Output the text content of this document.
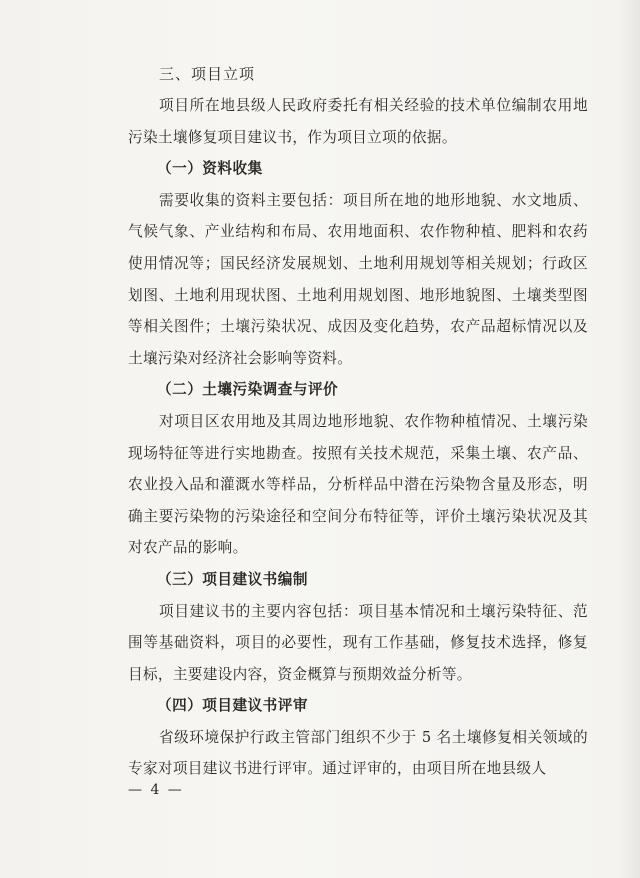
三、项目立项

项目所在地县级人民政府委托有相关经验的技术单位编制农用地污染土壤修复项目建议书，作为项目立项的依据。

（一）资料收集

需要收集的资料主要包括：项目所在地的地形地貌、水文地质、气候气象、产业结构和布局、农用地面积、农作物种植、肥料和农药使用情况等；国民经济发展规划、土地利用规划等相关规划；行政区划图、土地利用现状图、土地利用规划图、地形地貌图、土壤类型图等相关图件；土壤污染状况、成因及变化趋势，农产品超标情况以及土壤污染对经济社会影响等资料。

（二）土壤污染调查与评价

对项目区农用地及其周边地形地貌、农作物种植情况、土壤污染现场特征等进行实地勘查。按照有关技术规范，采集土壤、农产品、农业投入品和灌溉水等样品，分析样品中潜在污染物含量及形态，明确主要污染物的污染途径和空间分布特征等，评价土壤污染状况及其对农产品的影响。

（三）项目建议书编制

项目建议书的主要内容包括：项目基本情况和土壤污染特征、范围等基础资料，项目的必要性，现有工作基础，修复技术选择，修复目标，主要建设内容，资金概算与预期效益分析等。

（四）项目建议书评审

省级环境保护行政主管部门组织不少于 5 名土壤修复相关领域的专家对项目建议书进行评审。通过评审的，由项目所在地县级人

— 4 —
